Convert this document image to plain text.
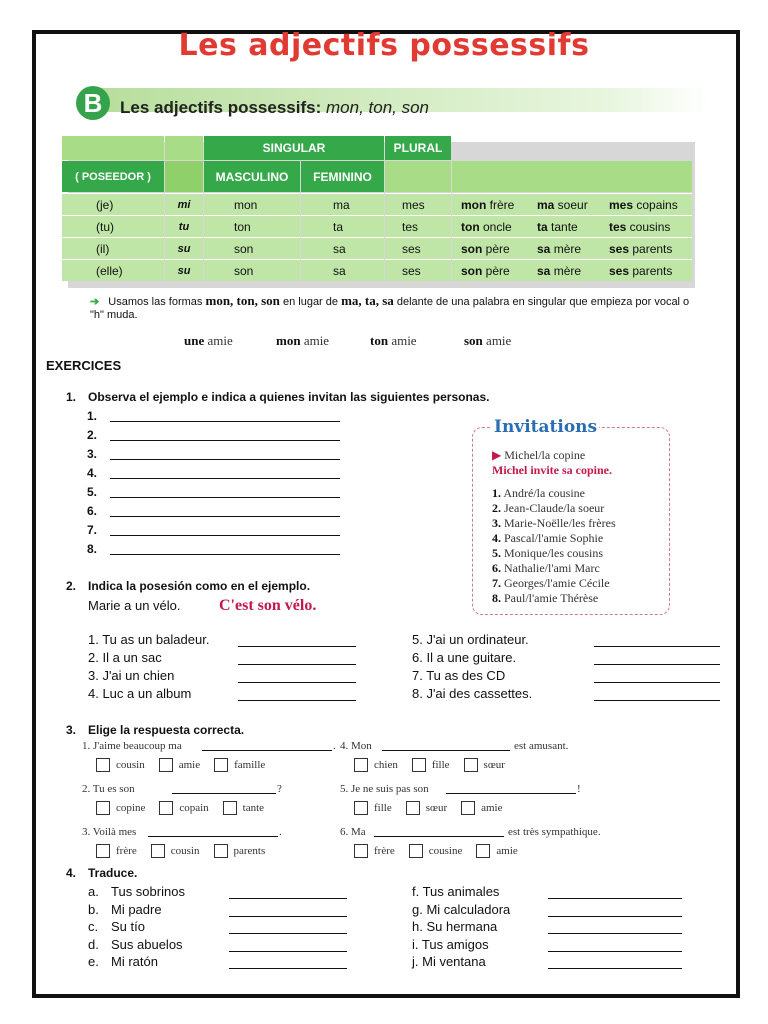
Les adjectifs possessifs
B	Les adjectifs possessifs: mon, ton, son
SINGULAR	PLURAL
( POSEEDOR )	MASCULINO	FEMININO
(je)	mi	mon	ma	mes	mon frère	ma soeur	mes copains
(tu)	tu	ton	ta	tes	ton oncle	ta tante	tes cousins
(il)	su	son	sa	ses	son père	sa mère	ses parents
(elle)	su	son	sa	ses	son père	sa mère	ses parents
➔ Usamos las formas mon, ton, son en lugar de ma, ta, sa delante de una palabra en singular que empieza por vocal o "h" muda.
une amie	mon amie	ton amie	son amie
EXERCICES
1. Observa el ejemplo e indica a quienes invitan las siguientes personas.
1.
2.
3.
4.
5.
6.
7.
8.
Invitations
▶ Michel/la copine
Michel invite sa copine.
1. André/la cousine
2. Jean-Claude/la soeur
3. Marie-Noëlle/les frères
4. Pascal/l'amie Sophie
5. Monique/les cousins
6. Nathalie/l'ami Marc
7. Georges/l'amie Cécile
8. Paul/l'amie Thérèse
2. Indica la posesión como en el ejemplo.
Marie a un vélo. C'est son vélo.
1. Tu as un baladeur.
2. Il a un sac
3. J'ai un chien
4. Luc a un album
5. J'ai un ordinateur.
6. Il a une guitare.
7. Tu as des CD
8. J'ai des cassettes.
3. Elige la respuesta correcta.
1. J'aime beaucoup ma	.
cousin	amie	famille
4. Mon	est amusant.
chien	fille	sœur
2. Tu es son	?
copine	copain	tante
5. Je ne suis pas son	!
fille	sœur	amie
3. Voilà mes	.
frère	cousin	parents
6. Ma	est très sympathique.
frère	cousine	amie
4. Traduce.
a. Tus sobrinos
b. Mi padre
c. Su tío
d. Sus abuelos
e. Mi ratón
f. Tus animales
g. Mi calculadora
h. Su hermana
i. Tus amigos
j. Mi ventana
